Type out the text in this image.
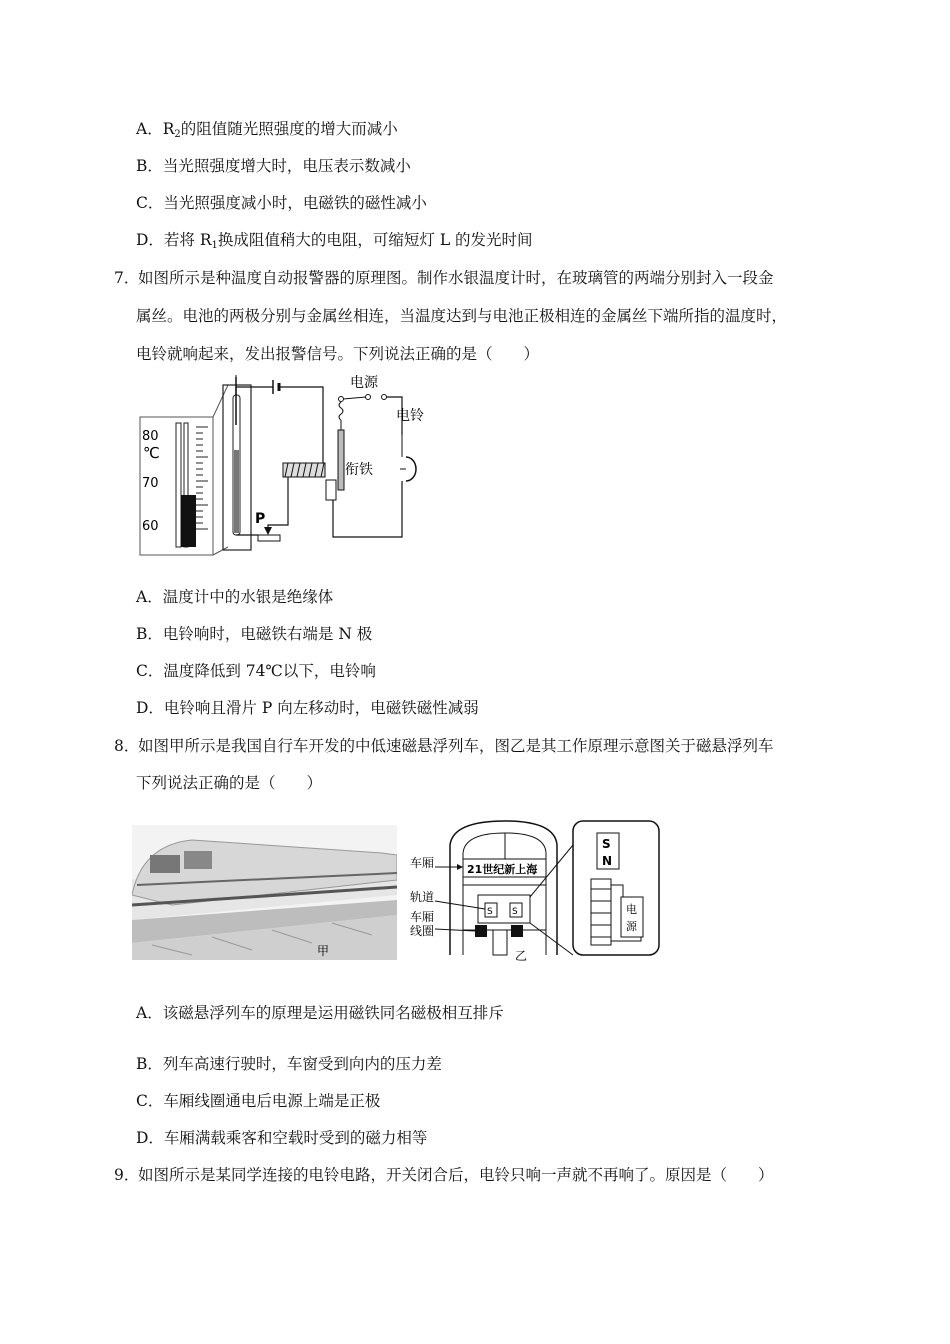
A．$R_2$的阻值随光照强度的增大而减小
B．当光照强度增大时，电压表示数减小
C．当光照强度减小时，电磁铁的磁性减小
D．若将 $R_1$换成阻值稍大的电阻，可缩短灯 L 的发光时间
7．
如图所示是种温度自动报警器的原理图。制作水银温度计时，在玻璃管的两端分别封入一段金
属丝。电池的两极分别与金属丝相连，当温度达到与电池正极相连的金属丝下端所指的温度时，
电铃就响起来，发出报警信号。下列说法正确的是（　　）
80
℃
70
60	P
衔铁
电源
电铃
A．温度计中的水银是绝缘体
B．电铃响时，电磁铁右端是 N 极
C．温度降低到 74℃以下，电铃响
D．电铃响且滑片 P 向左移动时，电磁铁磁性减弱
8．
如图甲所示是我国自行车开发的中低速磁悬浮列车，图乙是其工作原理示意图关于磁悬浮列车
下列说法正确的是（　　）
甲
21世纪新上海
车厢
S S
轨道
车厢
线圈
乙
S
N
电
源
A．该磁悬浮列车的原理是运用磁铁同名磁极相互排斥
B．列车高速行驶时，车窗受到向内的压力差
C．车厢线圈通电后电源上端是正极
D．车厢满载乘客和空载时受到的磁力相等
9．
如图所示是某同学连接的电铃电路，开关闭合后，电铃只响一声就不再响了。原因是（　　）
